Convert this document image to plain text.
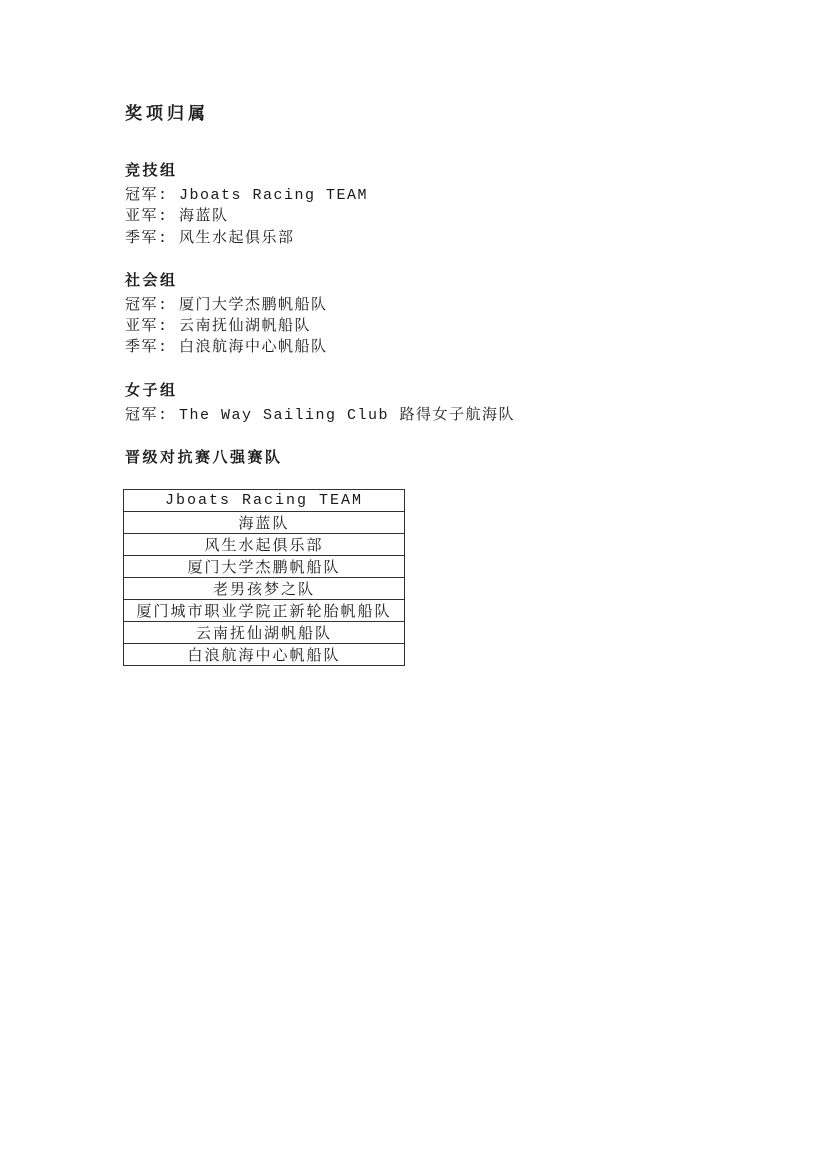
奖项归属
竞技组

冠军: Jboats Racing TEAM

亚军: 海蓝队

季军: 风生水起俱乐部

社会组

冠军: 厦门大学杰鹏帆船队

亚军: 云南抚仙湖帆船队

季军: 白浪航海中心帆船队

女子组

冠军: The Way Sailing Club 路得女子航海队

晋级对抗赛八强赛队
Jboats Racing TEAM
海蓝队
风生水起俱乐部
厦门大学杰鹏帆船队
老男孩梦之队
厦门城市职业学院正新轮胎帆船队
云南抚仙湖帆船队
白浪航海中心帆船队
